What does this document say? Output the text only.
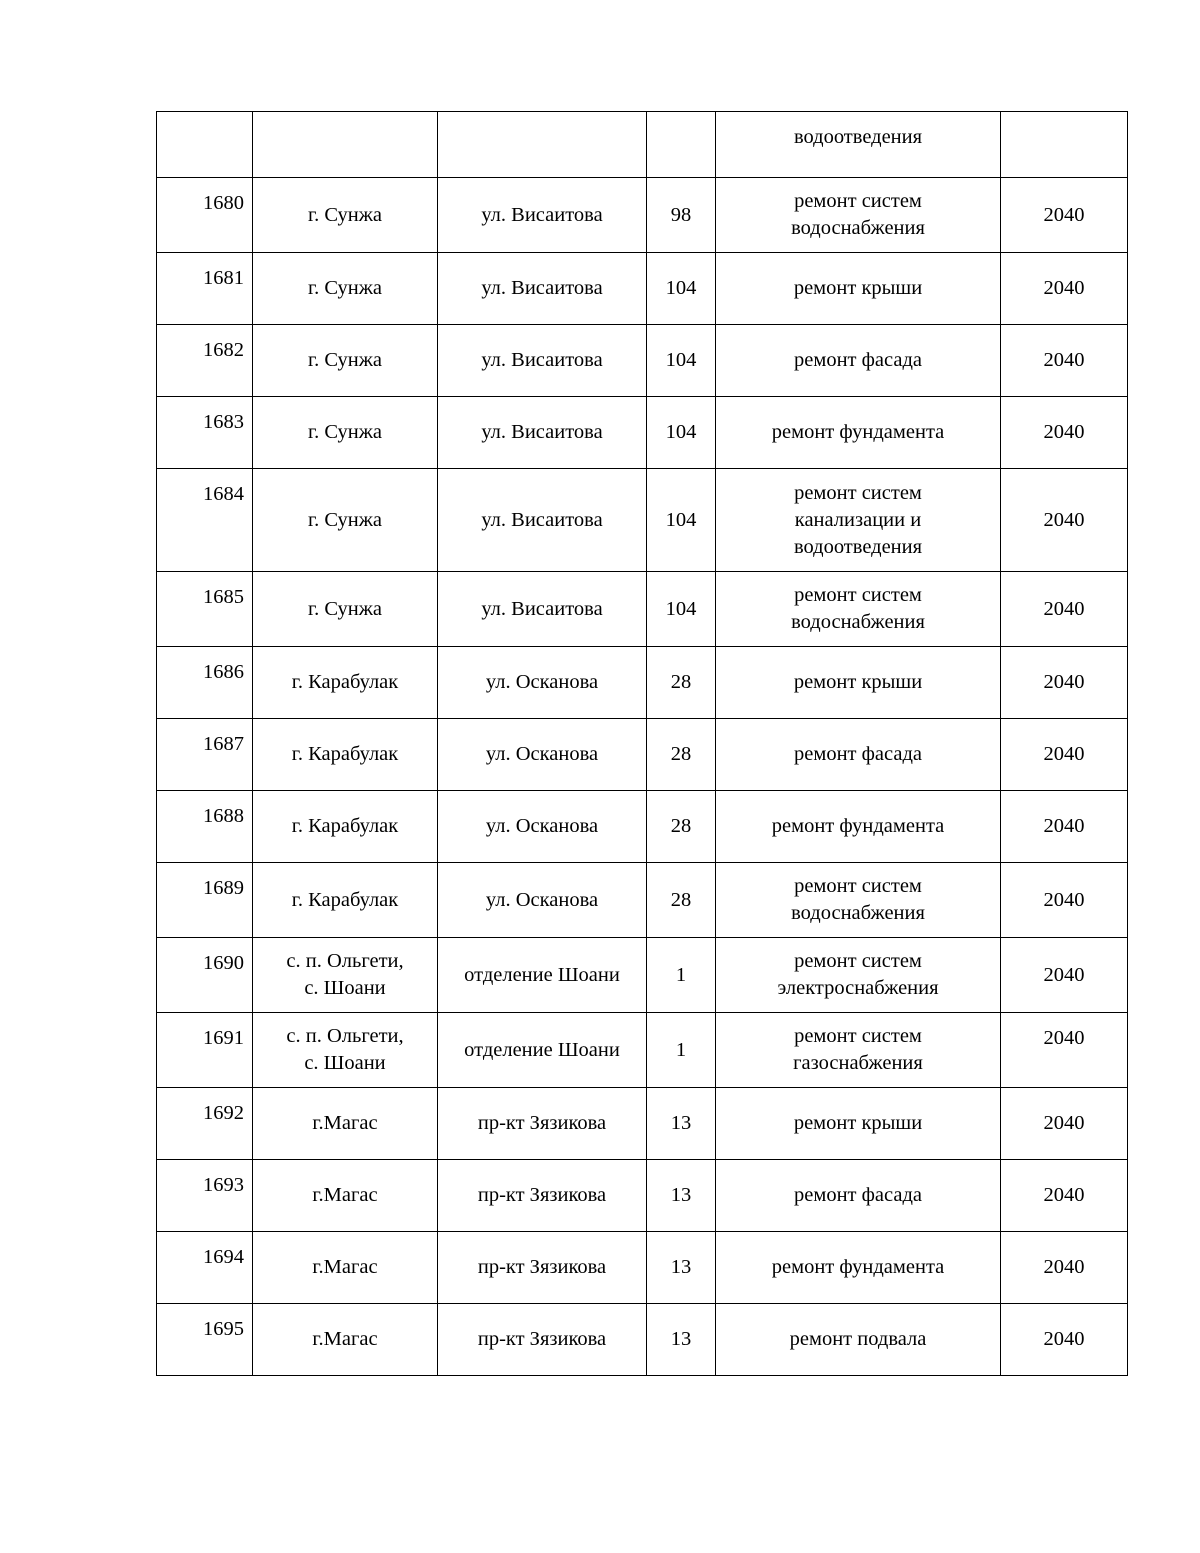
				водоотведения	
1680	г. Сунжа	ул. Висаитова	98	ремонт систем
водоснабжения	2040
1681	г. Сунжа	ул. Висаитова	104	ремонт крыши	2040
1682	г. Сунжа	ул. Висаитова	104	ремонт фасада	2040
1683	г. Сунжа	ул. Висаитова	104	ремонт фундамента	2040
1684	г. Сунжа	ул. Висаитова	104	ремонт систем
канализации и
водоотведения	2040
1685	г. Сунжа	ул. Висаитова	104	ремонт систем
водоснабжения	2040
1686	г. Карабулак	ул. Осканова	28	ремонт крыши	2040
1687	г. Карабулак	ул. Осканова	28	ремонт фасада	2040
1688	г. Карабулак	ул. Осканова	28	ремонт фундамента	2040
1689	г. Карабулак	ул. Осканова	28	ремонт систем
водоснабжения	2040
1690	с. п. Ольгети,
с. Шоани	отделение Шоани	1	ремонт систем
электроснабжения	2040
1691	с. п. Ольгети,
с. Шоани	отделение Шоани	1	ремонт систем
газоснабжения	2040
1692	г.Магас	пр-кт Зязикова	13	ремонт крыши	2040
1693	г.Магас	пр-кт Зязикова	13	ремонт фасада	2040
1694	г.Магас	пр-кт Зязикова	13	ремонт фундамента	2040
1695	г.Магас	пр-кт Зязикова	13	ремонт подвала	2040
